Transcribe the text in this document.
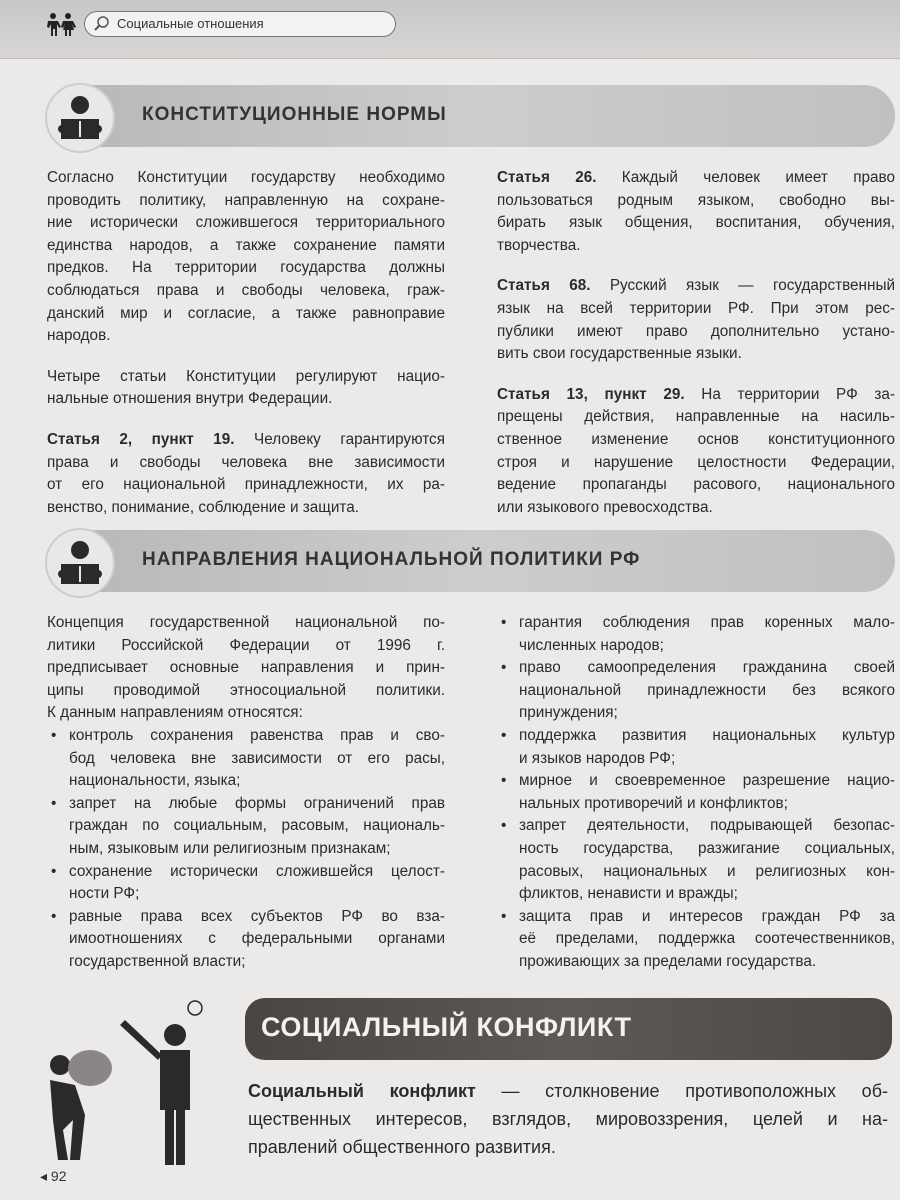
Социальные отношения
КОНСТИТУЦИОННЫЕ НОРМЫ
Согласно Конституции государству необходимо
проводить политику, направленную на сохране-
ние исторически сложившегося территориального
единства народов, а также сохранение памяти
предков. На территории государства должны
соблюдаться права и свободы человека, граж-
данский мир и согласие, а также равноправие
народов.
Четыре статьи Конституции регулируют нацио-
нальные отношения внутри Федерации.
Статья 2, пункт 19. Человеку гарантируются
права и свободы человека вне зависимости
от его национальной принадлежности, их ра-
венство, понимание, соблюдение и защита.
Статья 26. Каждый человек имеет право
пользоваться родным языком, свободно вы-
бирать язык общения, воспитания, обучения,
творчества.
Статья 68. Русский язык — государственный
язык на всей территории РФ. При этом рес-
публики имеют право дополнительно устано-
вить свои государственные языки.
Статья 13, пункт 29. На территории РФ за-
прещены действия, направленные на насиль-
ственное изменение основ конституционного
строя и нарушение целостности Федерации,
ведение пропаганды расового, национального
или языкового превосходства.
НАПРАВЛЕНИЯ НАЦИОНАЛЬНОЙ ПОЛИТИКИ РФ
Концепция государственной национальной по-
литики Российской Федерации от 1996 г.
предписывает основные направления и прин-
ципы проводимой этносоциальной политики.
К данным направлениям относятся:
• контроль сохранения равенства прав и сво-
бод человека вне зависимости от его расы,
национальности, языка;
• запрет на любые формы ограничений прав
граждан по социальным, расовым, националь-
ным, языковым или религиозным признакам;
• сохранение исторически сложившейся целост-
ности РФ;
• равные права всех субъектов РФ во вза-
имоотношениях с федеральными органами
государственной власти;
• гарантия соблюдения прав коренных мало-
численных народов;
• право самоопределения гражданина своей
национальной принадлежности без всякого
принуждения;
• поддержка развития национальных культур
и языков народов РФ;
• мирное и своевременное разрешение нацио-
нальных противоречий и конфликтов;
• запрет деятельности, подрывающей безопас-
ность государства, разжигание социальных,
расовых, национальных и религиозных кон-
фликтов, ненависти и вражды;
• защита прав и интересов граждан РФ за
её пределами, поддержка соотечественников,
проживающих за пределами государства.
СОЦИАЛЬНЫЙ КОНФЛИКТ
Социальный конфликт — столкновение противоположных об-
щественных интересов, взглядов, мировоззрения, целей и на-
правлений общественного развития.
◂ 92
